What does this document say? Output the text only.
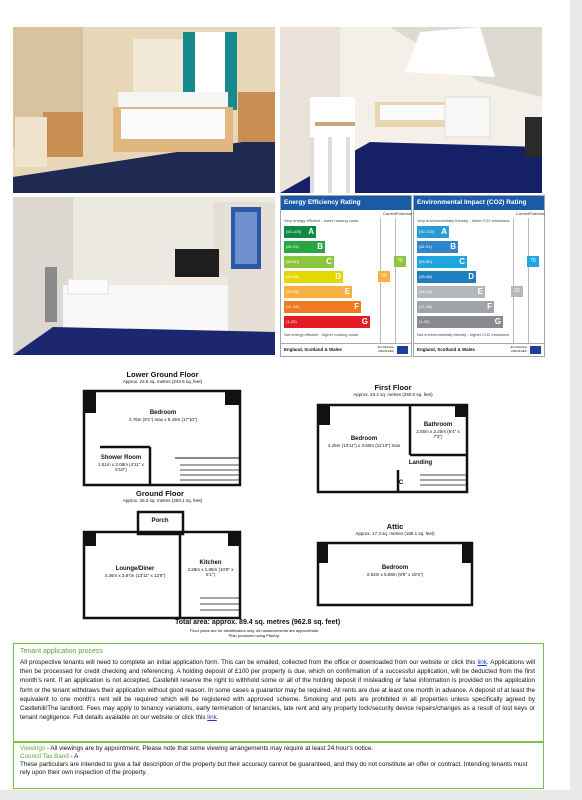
Energy Efficiency Rating
CurrentPotential
Very energy efficient - lower running costs
(92-100) A
(81-91) B
(69-80)	C
(55-68)	D
(39-54)	E
(21-38)	F
(1-20)	G
56
75
Not energy efficient - higher running costs
England, Scotland & Wales	EU Directive 2002/91/EC
Environmental Impact (CO2) Rating
CurrentPotential
Very environmentally friendly - lower CO2 emissions
(92-100) A
(81-91) B
(69-80)	C
(55-68)	D
(39-54)	E
(21-38)	F
(1-20)	G
52
76
Not environmentally friendly - higher CO2 emissions
England, Scotland & Wales	EU Directive 2002/91/EC
Lower Ground Floor
Approx. 22.6 sq. metres (243.6 sq. feet)
First Floor
Approx. 23.2 sq. metres (250.0 sq. feet)
Ground Floor
Approx. 26.3 sq. metres (283.1 sq. feet)
Attic
Approx. 17.3 sq. metres (186.1 sq. feet)
Bedroom
2.76m (9'1") max x 5.43m (17'10")
Shower Room
1.51m x 2.08m (4'11" x 6'10")
Bedroom
4.25m (13'11") x 3.60m (11'10") max
Bathroom
2.55m x 2.20m (8'4" x 7'3")
Landing
C
Porch
Lounge/Diner
4.26m x 3.87m (13'11" x 12'8")
Kitchen
3.28m x 1.85m (10'9" x 6'1")
Bedroom
2.94m x 5.88m (9'8" x 19'3")
Total area: approx. 89.4 sq. metres (962.8 sq. feet)
Floor plans are for identification only. All measurements are approximate.
Plan produced using PlanUp.
Tenant application process
All prospective tenants will need to complete an initial application form. This can be emailed, collected from the office or downloaded from our website or click this link. Applications will then be processed for credit checking and referencing. A holding deposit of £100 per property is due, which on confirmation of a successful application, will be deducted from the first month's rent. If an application is not accepted, Castlehill reserve the right to withhold some or all of the holding deposit if misleading or false information is provided on the application form or the tenant withdraws their application without good reason. In some cases a guarantor may be required. All rents are due at least one month in advance. A deposit of at least the equivalent to one month's rent will be required which will be registered with approved scheme. Smoking and pets are prohibited in all properties unless specifically agreed by Castlehill/The landlord. Fees may apply to tenancy variations, early termination of tenancies, late rent and any property lock/security device repairs/changes as a result of lost keys or tenant negligence. Full details available on our website or click this link.
Viewings - All viewings are by appointment. Please note that some viewing arrangements may require at least 24 hour's notice.
Council Tax Band - A
These particulars are intended to give a fair description of the property but their accuracy cannot be guaranteed, and they do not constitute an offer or contract. Intending tenants must rely upon their own inspection of the property.
